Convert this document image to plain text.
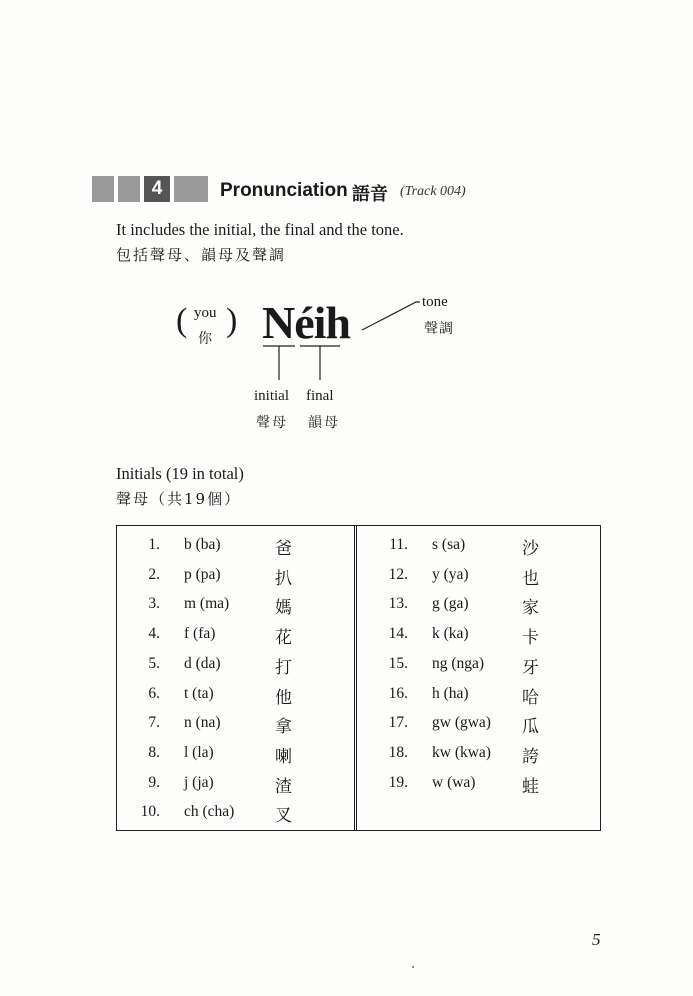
4	Pronunciation 語音 (Track 004)
It includes the initial, the final and the tone.
包括聲母、韻母及聲調
( you
你 ) Néih	tone
聲調
initial final
聲母 韻母
Initials (19 in total)
聲母（共19個）
1. b (ba)	爸
2. p (pa)	扒
3. m (ma)	媽
4. f (fa)	花
5. d (da)	打
6. t (ta)	他
7. n (na)	拿
8. l (la)	喇
9. j (ja)	渣
10. ch (cha) 叉
11. s (sa)	沙
12. y (ya)	也
13. g (ga)	家
14. k (ka)	卡
15. ng (nga) 牙
16. h (ha)	哈
17. gw (gwa) 瓜
18. kw (kwa) 誇
19. w (wa)	蛙
5
